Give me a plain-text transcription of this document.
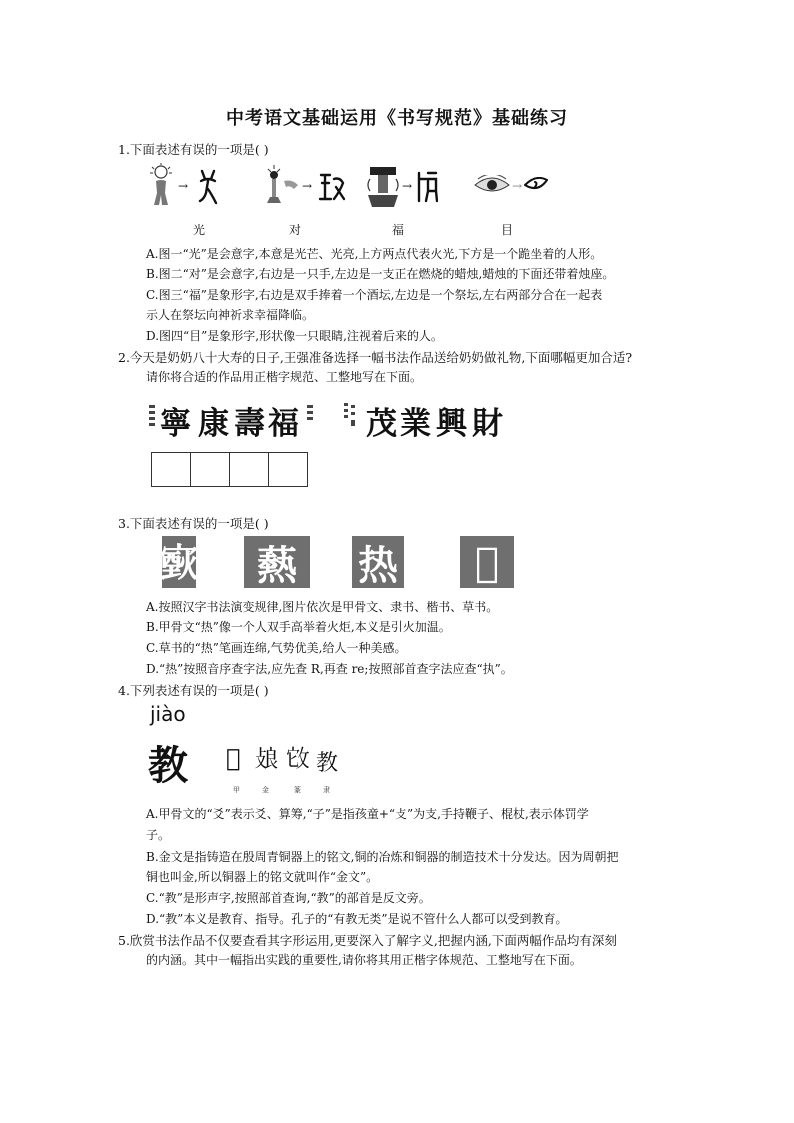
中考语文基础运用《书写规范》基础练习
1.下面表述有误的一项是( )
→	→	→	→
光	对	福	目
A.图一“光”是会意字,本意是光芒、光亮,上方两点代表火光,下方是一个跪坐着的人形。
B.图二“对”是会意字,右边是一只手,左边是一支正在燃烧的蜡烛,蜡烛的下面还带着烛座。
C.图三“福”是象形字,右边是双手捧着一个酒坛,左边是一个祭坛,左右两部分合在一起表
示人在祭坛向神祈求幸福降临。
D.图四“目”是象形字,形状像一只眼睛,注视着后来的人。
2.今天是奶奶八十大寿的日子,王强准备选择一幅书法作品送给奶奶做礼物,下面哪幅更加合适?
请你将合适的作品用正楷字规范、工整地写在下面。
寧 康 壽 福 茂 業 興 財
3.下面表述有误的一项是( )
𤎟	爇	热	𤊞
A.按照汉字书法演变规律,图片依次是甲骨文、隶书、楷书、草书。
B.甲骨文“热”像一个人双手高举着火炬,本义是引火加温。
C.草书的“热”笔画连绵,气势优美,给人一种美感。
D.“热”按照音序查字法,应先查 R,再查 re;按照部首查字法应查“执”。
4.下列表述有误的一项是( )
jiào
教 𢼂 𢽂 𢼊 教
甲	金	篆	隶
A.甲骨文的“爻”表示爻、算筹,“子”是指孩童+“攴”为支,手持鞭子、棍杖,表示体罚学
子。
B.金文是指铸造在殷周青铜器上的铭文,铜的冶炼和铜器的制造技术十分发达。因为周朝把
铜也叫金,所以铜器上的铭文就叫作“金文”。
C.“教”是形声字,按照部首查询,“教”的部首是反文旁。
D.“教”本义是教育、指导。孔子的“有教无类”是说不管什么人都可以受到教育。
5.欣赏书法作品不仅要查看其字形运用,更要深入了解字义,把握内涵,下面两幅作品均有深刻
的内涵。其中一幅指出实践的重要性,请你将其用正楷字体规范、工整地写在下面。
